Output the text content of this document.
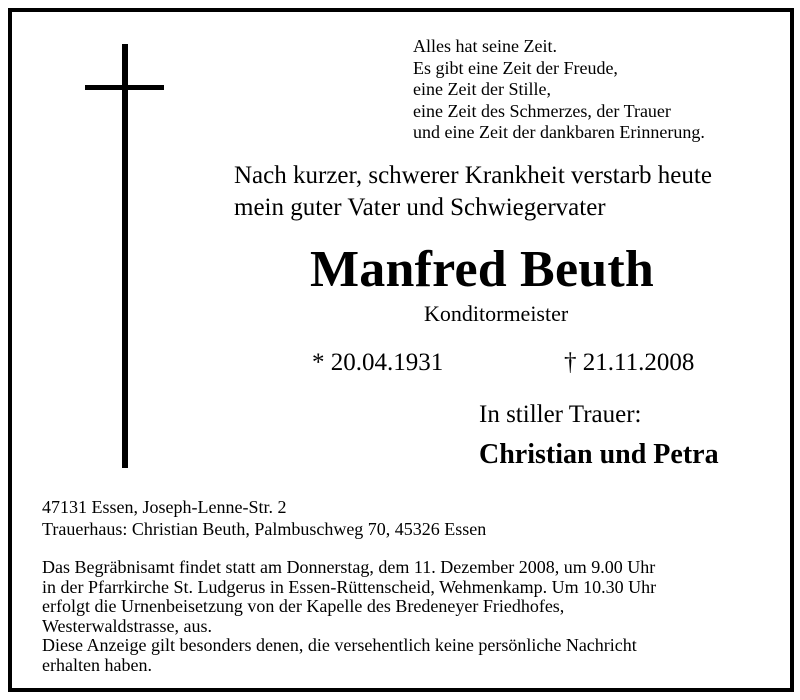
Alles hat seine Zeit.
Es gibt eine Zeit der Freude,
eine Zeit der Stille,
eine Zeit des Schmerzes, der Trauer
und eine Zeit der dankbaren Erinnerung.
Nach kurzer, schwerer Krankheit verstarb heute
mein guter Vater und Schwiegervater
Manfred Beuth
Konditormeister
* 20.04.1931	† 21.11.2008
In stiller Trauer:
Christian und Petra
47131 Essen, Joseph-Lenne-Str. 2
Trauerhaus: Christian Beuth, Palmbuschweg 70, 45326 Essen
Das Begräbnisamt findet statt am Donnerstag, dem 11. Dezember 2008, um 9.00 Uhr
in der Pfarrkirche St. Ludgerus in Essen-Rüttenscheid, Wehmenkamp. Um 10.30 Uhr
erfolgt die Urnenbeisetzung von der Kapelle des Bredeneyer Friedhofes,
Westerwaldstrasse, aus.
Diese Anzeige gilt besonders denen, die versehentlich keine persönliche Nachricht
erhalten haben.
